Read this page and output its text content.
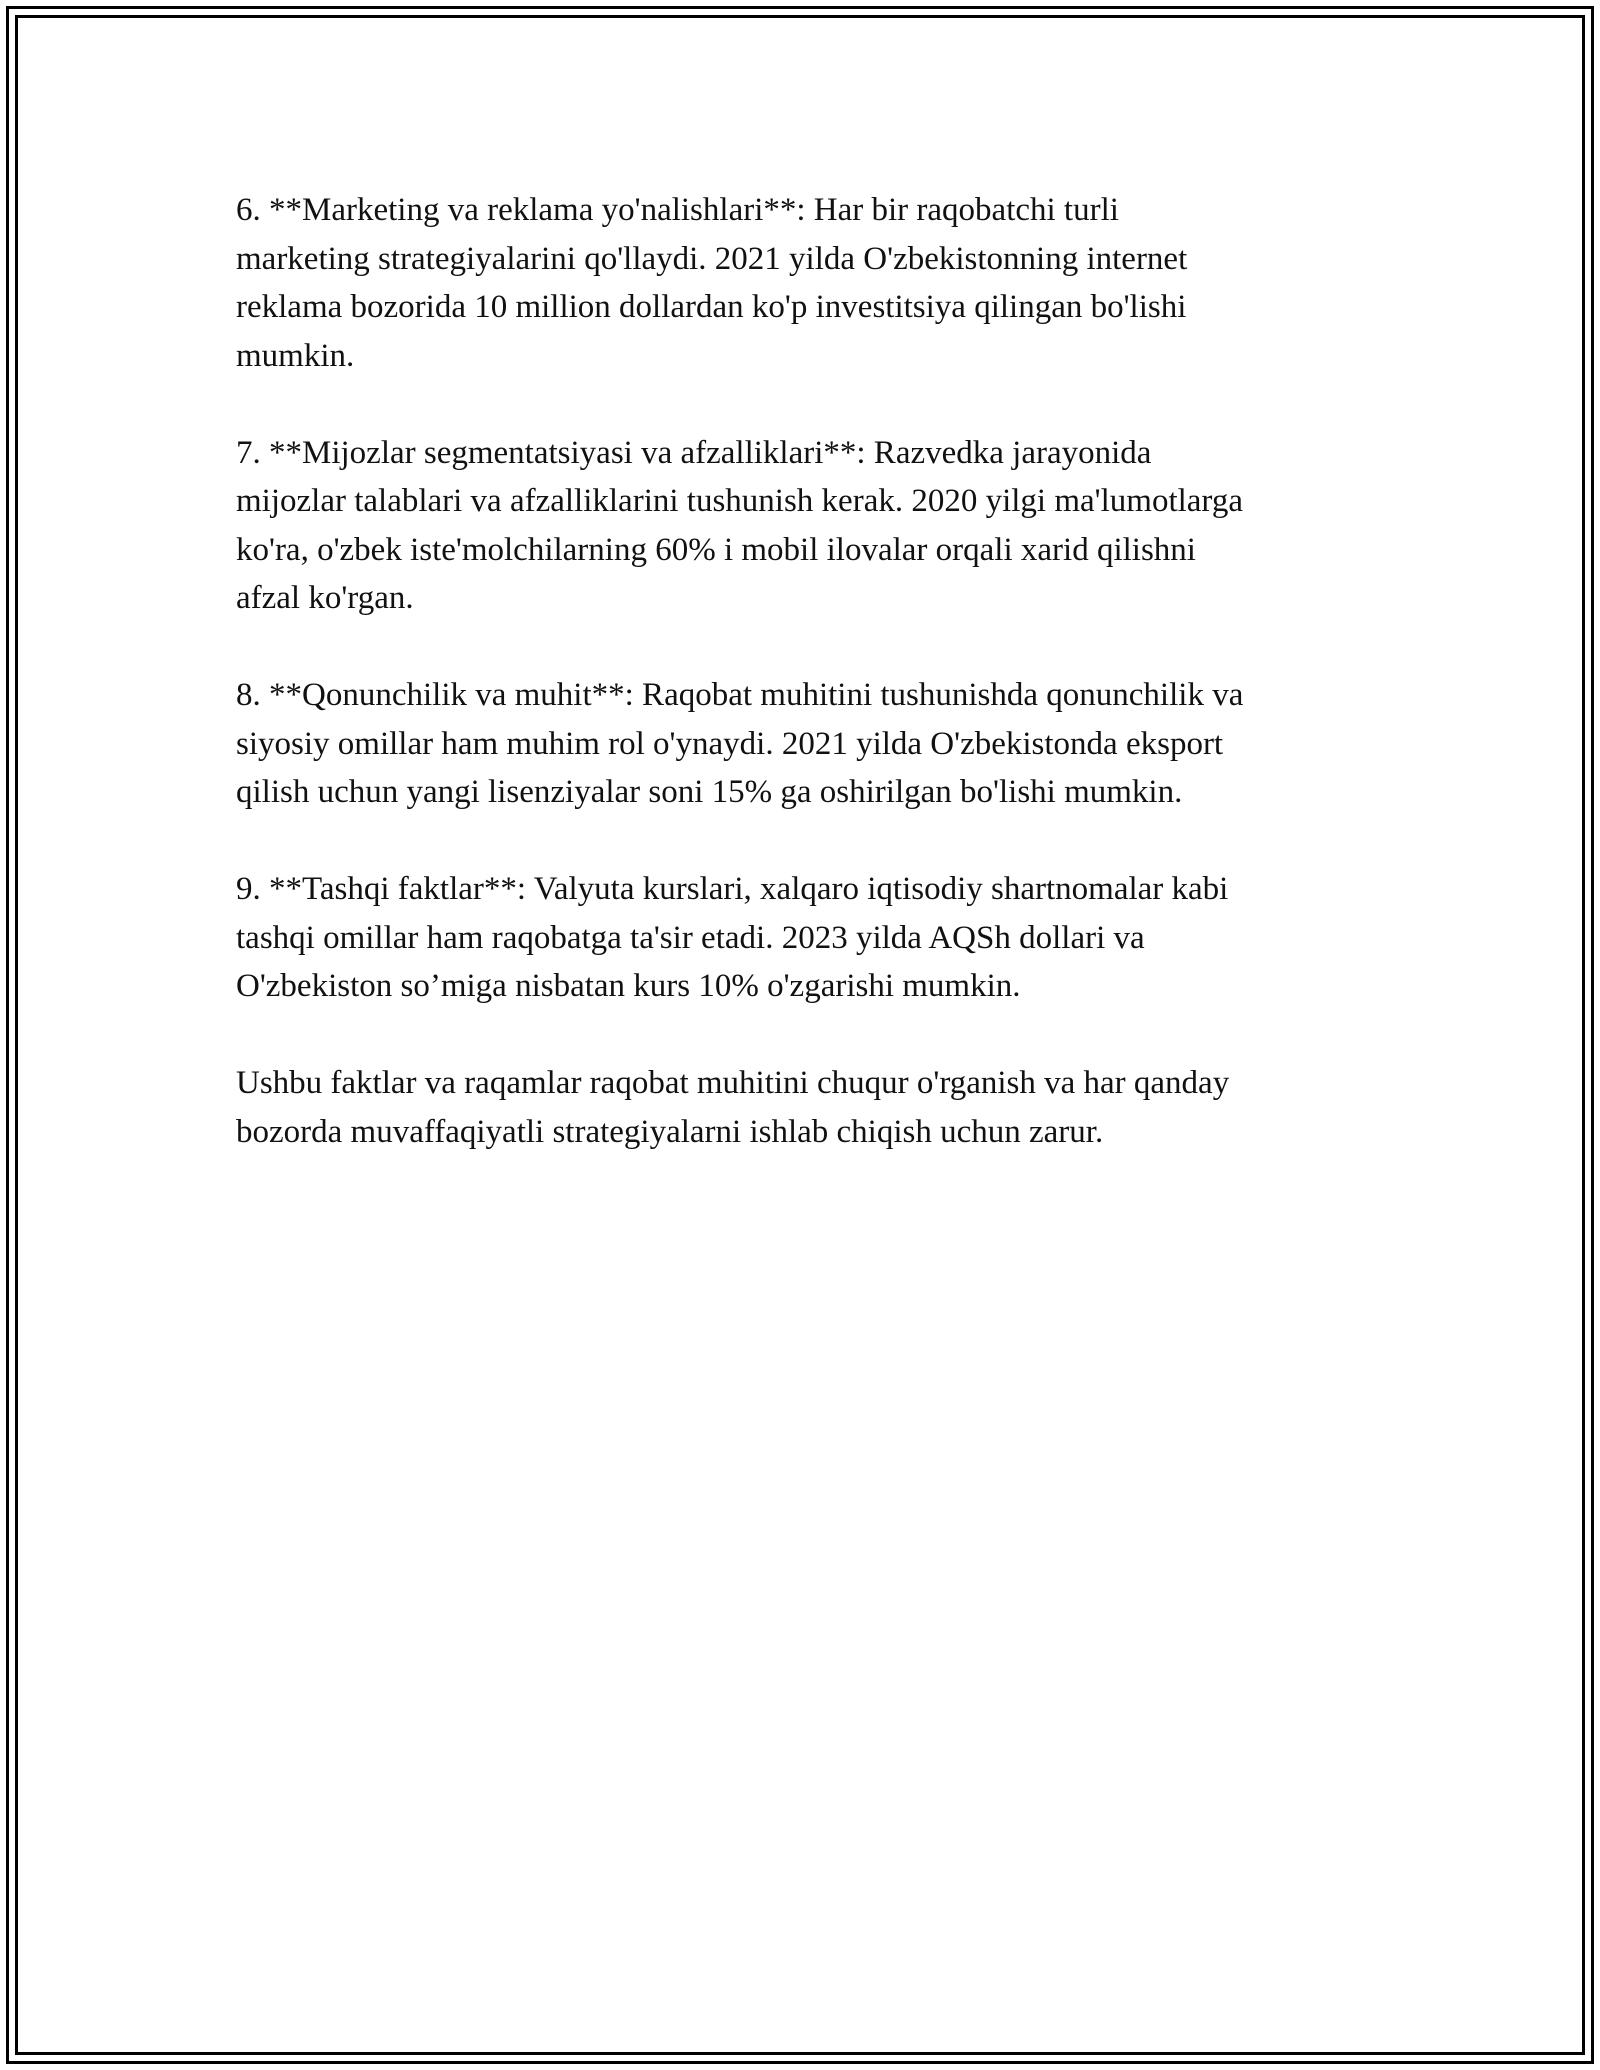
6. **Marketing va reklama yo'nalishlari**: Har bir raqobatchi turli
marketing strategiyalarini qo'llaydi. 2021 yilda O'zbekistonning internet
reklama bozorida 10 million dollardan ko'p investitsiya qilingan bo'lishi
mumkin.

7. **Mijozlar segmentatsiyasi va afzalliklari**: Razvedka jarayonida
mijozlar talablari va afzalliklarini tushunish kerak. 2020 yilgi ma'lumotlarga
ko'ra, o'zbek iste'molchilarning 60% i mobil ilovalar orqali xarid qilishni
afzal ko'rgan.

8. **Qonunchilik va muhit**: Raqobat muhitini tushunishda qonunchilik va
siyosiy omillar ham muhim rol o'ynaydi. 2021 yilda O'zbekistonda eksport
qilish uchun yangi lisenziyalar soni 15% ga oshirilgan bo'lishi mumkin.

9. **Tashqi faktlar**: Valyuta kurslari, xalqaro iqtisodiy shartnomalar kabi
tashqi omillar ham raqobatga ta'sir etadi. 2023 yilda AQSh dollari va
O'zbekiston so’miga nisbatan kurs 10% o'zgarishi mumkin.

Ushbu faktlar va raqamlar raqobat muhitini chuqur o'rganish va har qanday
bozorda muvaffaqiyatli strategiyalarni ishlab chiqish uchun zarur.
